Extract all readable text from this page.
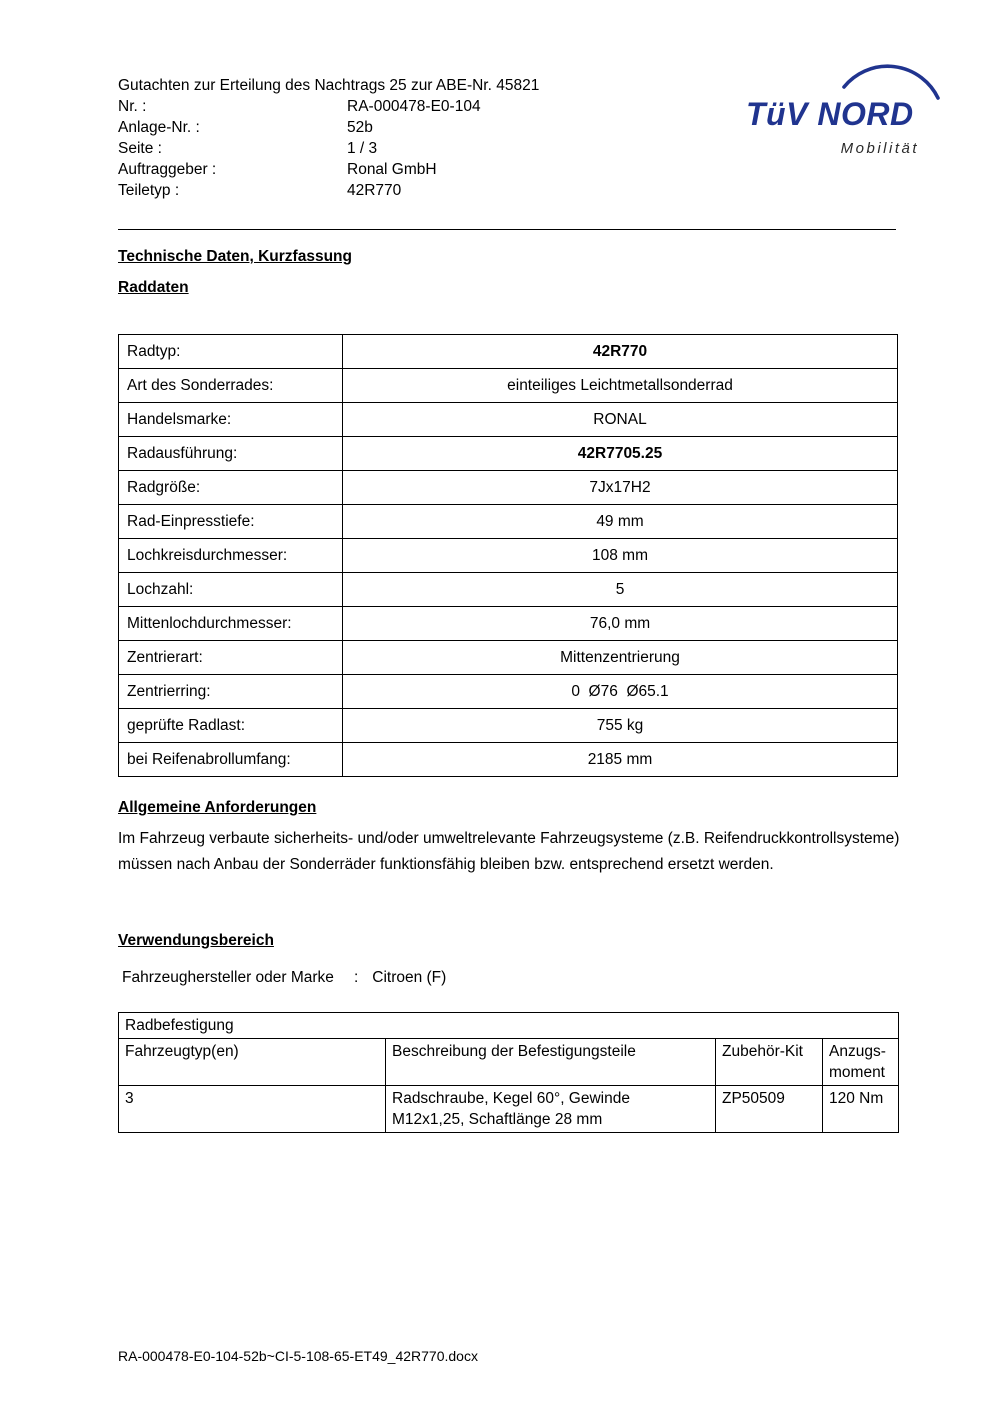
Gutachten zur Erteilung des Nachtrags 25 zur ABE-Nr. 45821
Nr. :	RA-000478-E0-104
Anlage-Nr. :	52b
Seite :	1 / 3
Auftraggeber :	Ronal GmbH
Teiletyp :	42R770
TüV NORD
Mobilität
Technische Daten, Kurzfassung
Raddaten
Radtyp:	42R770
Art des Sonderrades:	einteiliges Leichtmetallsonderrad
Handelsmarke:	RONAL
Radausführung:	42R7705.25
Radgröße:	7Jx17H2
Rad-Einpresstiefe:	49 mm
Lochkreisdurchmesser:	108 mm
Lochzahl:	5
Mittenlochdurchmesser:	76,0 mm
Zentrierart:	Mittenzentrierung
Zentrierring:	0  Ø76  Ø65.1
geprüfte Radlast:	755 kg
bei Reifenabrollumfang:	2185 mm
Allgemeine Anforderungen

Im Fahrzeug verbaute sicherheits- und/oder umweltrelevante Fahrzeugsysteme (z.B. Reifendruckkontrollsysteme) müssen nach Anbau der Sonderräder funktionsfähig bleiben bzw. entsprechend ersetzt werden.

Verwendungsbereich
Fahrzeughersteller oder Marke : Citroen (F)
Radbefestigung			
Fahrzeugtyp(en)	Beschreibung der Befestigungsteile	Zubehör-Kit	Anzugs-moment
3	Radschraube, Kegel 60°, Gewinde M12x1,25, Schaftlänge 28 mm	ZP50509	120 Nm
RA-000478-E0-104-52b~CI-5-108-65-ET49_42R770.docx
